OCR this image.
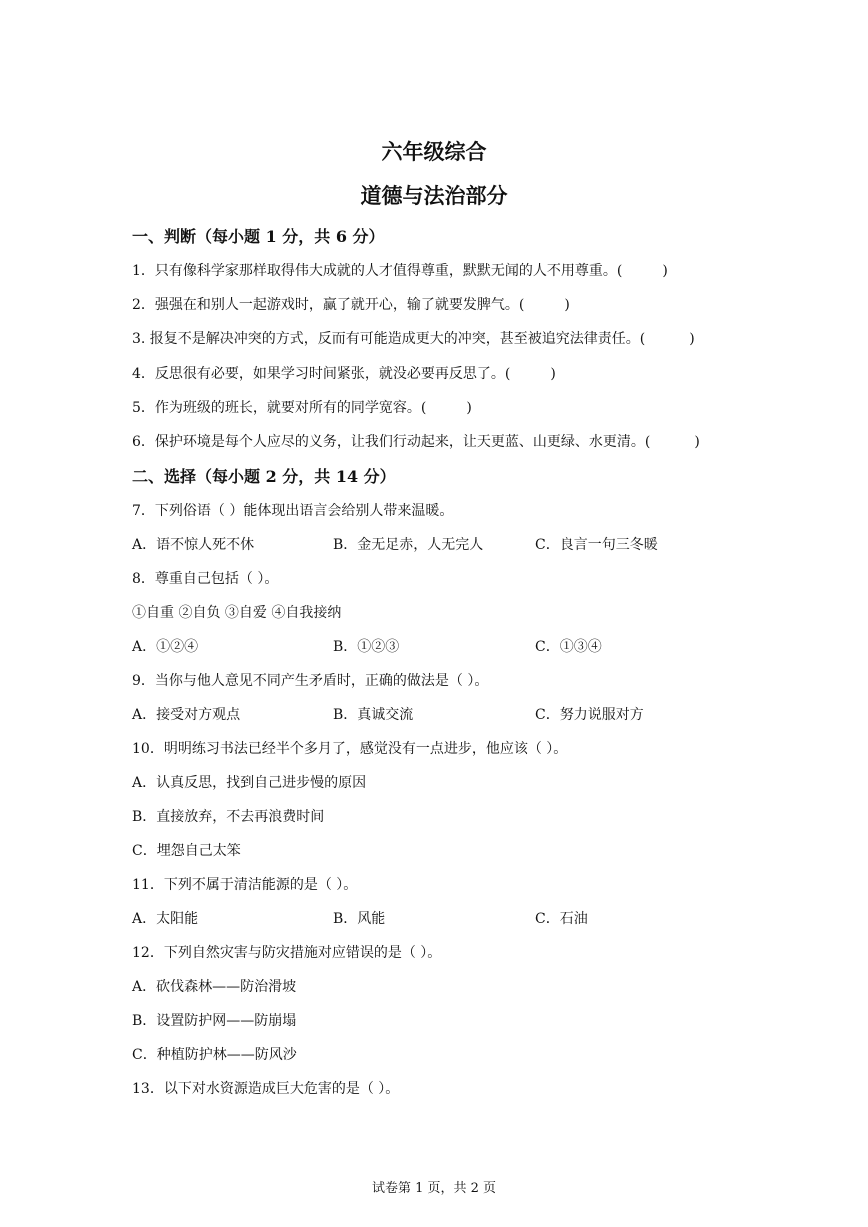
六年级综合
道德与法治部分
一、判断（每小题 1 分，共 6 分）
1．只有像科学家那样取得伟大成就的人才值得尊重，默默无闻的人不用尊重。(	)
2．强强在和别人一起游戏时，赢了就开心，输了就要发脾气。(	)
3. 报复不是解决冲突的方式，反而有可能造成更大的冲突，甚至被追究法律责任。(	)
4．反思很有必要，如果学习时间紧张，就没必要再反思了。(	)
5．作为班级的班长，就要对所有的同学宽容。(	)
6．保护环境是每个人应尽的义务，让我们行动起来，让天更蓝、山更绿、水更清。(	)
二、选择（每小题 2 分，共 14 分）
7．下列俗语（ ）能体现出语言会给别人带来温暖。
A．语不惊人死不休	B．金无足赤，人无完人	C．良言一句三冬暖
8．尊重自己包括（ ）。
①自重 ②自负 ③自爱 ④自我接纳
A．①②④	B．①②③	C．①③④
9．当你与他人意见不同产生矛盾时，正确的做法是（ ）。
A．接受对方观点	B．真诚交流	C．努力说服对方
10．明明练习书法已经半个多月了，感觉没有一点进步，他应该（ ）。
A．认真反思，找到自己进步慢的原因
B．直接放弃，不去再浪费时间
C．埋怨自己太笨
11．下列不属于清洁能源的是（ ）。
A．太阳能	B．风能	C．石油
12．下列自然灾害与防灾措施对应错误的是（ ）。
A．砍伐森林——防治滑坡
B．设置防护网——防崩塌
C．种植防护林——防风沙
13．以下对水资源造成巨大危害的是（ ）。
试卷第 1 页，共 2 页
